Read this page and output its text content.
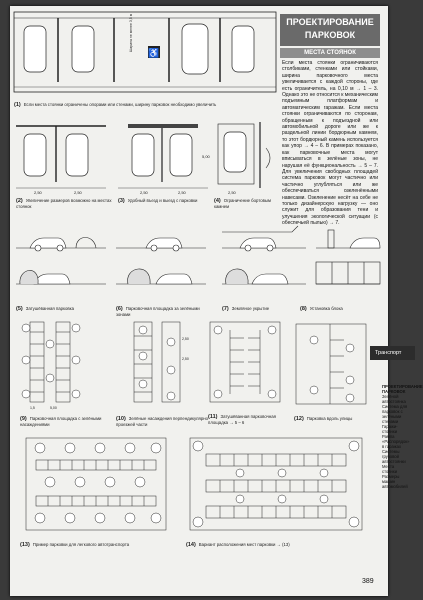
♿
Ширина не менее 3,5 м
(1) Если места стоянки ограничены опорами или стенами, ширину парковок необходимо увеличить
ПРОЕКТИРОВАНИЕ
ПАРКОВОК
МЕСТА СТОЯНОК
Если места стоянки ограничиваются столбиками, стенками или стойками, ширина парковочного места увеличивается с каждой стороны, где есть ограничитель, на 0,10 м → 1 – 3. Однако это не относится к механическим подъемным платформам и автоматическим гаражам. Если места стоянки ограничиваются по сторонам, обращенным к подъездной или автомобильной дороге или же к раздельной линии бордюрным камнем, то этот бордюрный камень используется как упор → 4 – 6. В примерах показано, как парковочные места могут вписываться в зелёные зоны, не нарушая её функциональность → 5 – 7. Для увеличения свободных площадей система парковок могут частично или частично углубляться или же обеспечиваться озеленёнными навесами. Озеленение несёт на себе не только дизайнерскую нагрузку — оно служит для образования тени и улучшения экологической ситуации (с обеспечьей пылью) → 7.
2,50	2,50	2,50	2,50
5,00
2,50
(2) Увеличение размеров возможно на местах стоянок
(3) Удобный въезд и выезд с парковки	(4) Ограничение бортовым камнем
(5) Затушёванная парковка	(6) Парковочная площадка за зелёными зонами
(7) Земляное укрытие	(8) Установка блока
1,5	5,00
2,50
2,50
(9) Парковочная площадка с зелёными насаждениями
(10) Зелёные насаждения перпендикулярно проезжей части
(11) Затушёванная парковочная площадка → 5 – 6
(12) Парковка вдоль улицы
(13) Пример парковки для легкового автотранспорта	(14) Вариант расположения мест парковки → (13)
Транспорт
ПРОЕКТИРОВАНИЕ ПАРКОВОК
Зелёной
автостоянка
Система для
парковок с
зелёными
стенами
Гаражи-
стоянки
Рампа
«Распорядок»
в гаражах
Системы
грузовой
автостоянки
Места
стоянки
Размеры
машин
автомобилей
389
